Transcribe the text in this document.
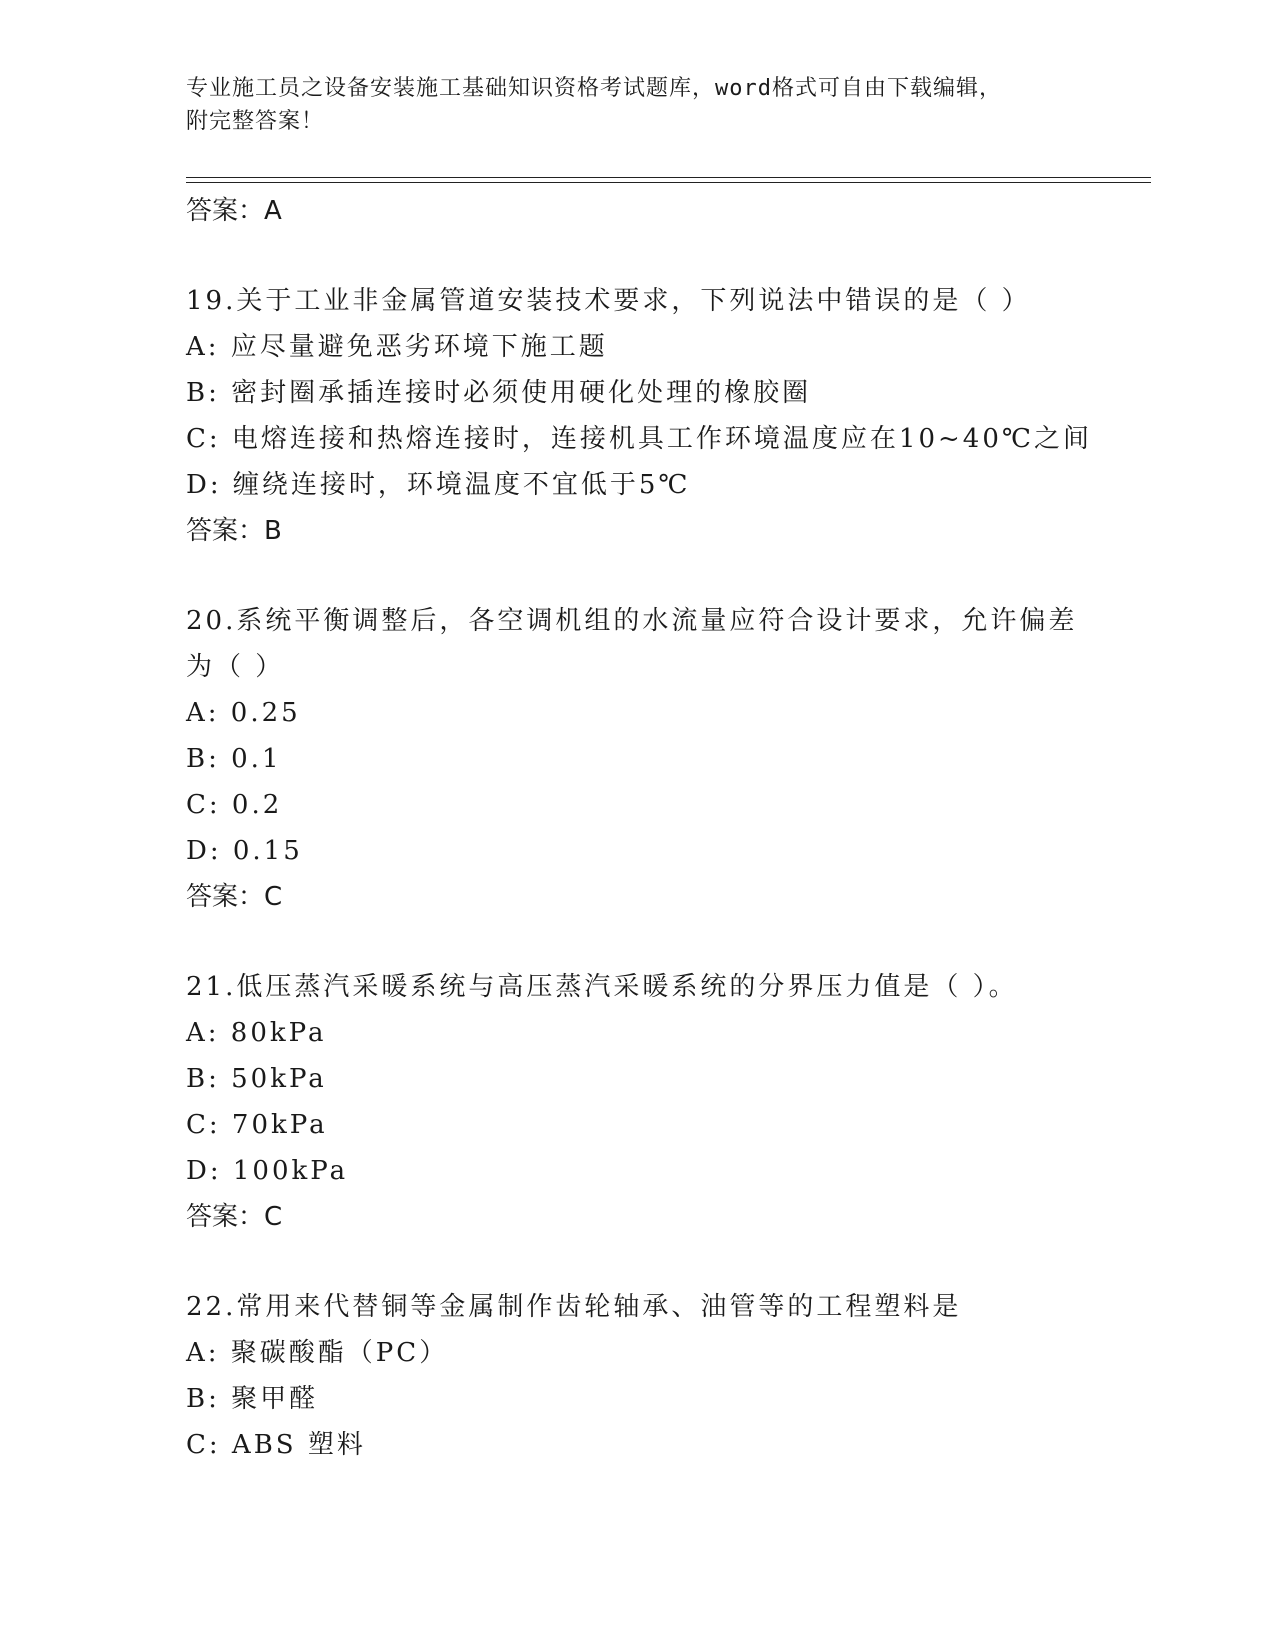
专业施工员之设备安装施工基础知识资格考试题库，word格式可自由下载编辑，
附完整答案！
答案：A
19.关于工业非金属管道安装技术要求，下列说法中错误的是（ ）
A: 应尽量避免恶劣环境下施工题
B: 密封圈承插连接时必须使用硬化处理的橡胶圈
C: 电熔连接和热熔连接时，连接机具工作环境温度应在10~40℃之间
D: 缠绕连接时，环境温度不宜低于5℃
答案：B
20.系统平衡调整后，各空调机组的水流量应符合设计要求，允许偏差
为（ ）
A: 0.25
B: 0.1
C: 0.2
D: 0.15
答案：C
21.低压蒸汽采暖系统与高压蒸汽采暖系统的分界压力值是（ ）。
A: 80kPa
B: 50kPa
C: 70kPa
D: 100kPa
答案：C
22.常用来代替铜等金属制作齿轮轴承、油管等的工程塑料是
A: 聚碳酸酯（PC）
B: 聚甲醛
C: ABS 塑料
